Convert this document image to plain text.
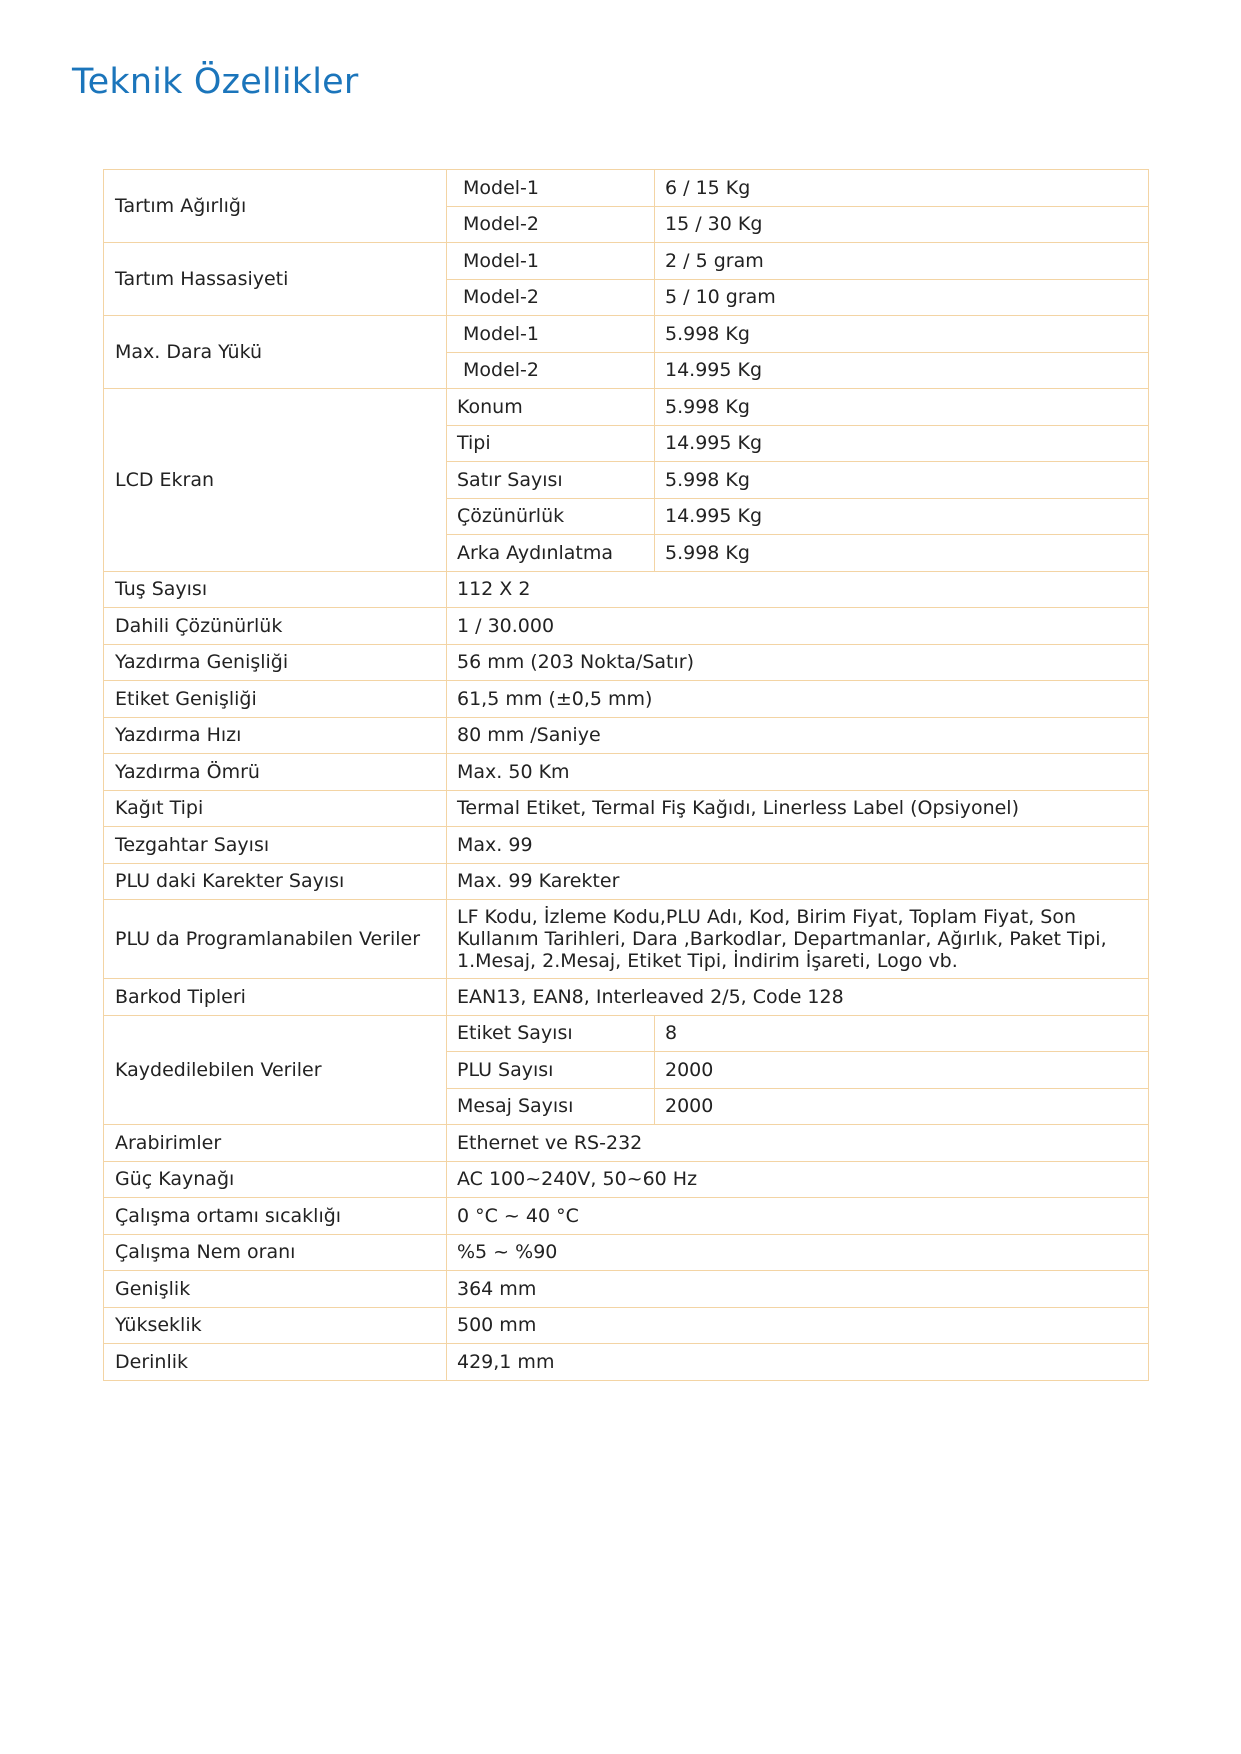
Teknik Özellikler
Tartım Ağırlığı	Model-1	6 / 15 Kg
	Model-2	15 / 30 Kg
Tartım Hassasiyeti	Model-1	2 / 5 gram
	Model-2	5 / 10 gram
Max. Dara Yükü	Model-1	5.998 Kg
	Model-2	14.995 Kg
LCD Ekran	Konum	5.998 Kg
	Tipi	14.995 Kg
	Satır Sayısı	5.998 Kg
	Çözünürlük	14.995 Kg
	Arka Aydınlatma	5.998 Kg
Tuş Sayısı	112 X 2	
Dahili Çözünürlük	1 / 30.000	
Yazdırma Genişliği	56 mm (203 Nokta/Satır)	
Etiket Genişliği	61,5 mm (±0,5 mm)	
Yazdırma Hızı	80 mm /Saniye	
Yazdırma Ömrü	Max. 50 Km	
Kağıt Tipi	Termal Etiket, Termal Fiş Kağıdı, Linerless Label (Opsiyonel)	
Tezgahtar Sayısı	Max. 99	
PLU daki Karekter Sayısı	Max. 99 Karekter	
PLU da Programlanabilen Veriler	LF Kodu, İzleme Kodu,PLU Adı, Kod, Birim Fiyat, Toplam Fiyat, Son Kullanım Tarihleri, Dara ,Barkodlar, Departmanlar, Ağırlık, Paket Tipi, 1.Mesaj, 2.Mesaj, Etiket Tipi, İndirim İşareti, Logo vb.	
Barkod Tipleri	EAN13, EAN8, Interleaved 2/5, Code 128	
Kaydedilebilen Veriler	Etiket Sayısı	8
	PLU Sayısı	2000
	Mesaj Sayısı	2000
Arabirimler	Ethernet ve RS-232	
Güç Kaynağı	AC 100~240V, 50~60 Hz	
Çalışma ortamı sıcaklığı	0 °C ~ 40 °C	
Çalışma Nem oranı	%5 ~ %90	
Genişlik	364 mm	
Yükseklik	500 mm	
Derinlik	429,1 mm	
